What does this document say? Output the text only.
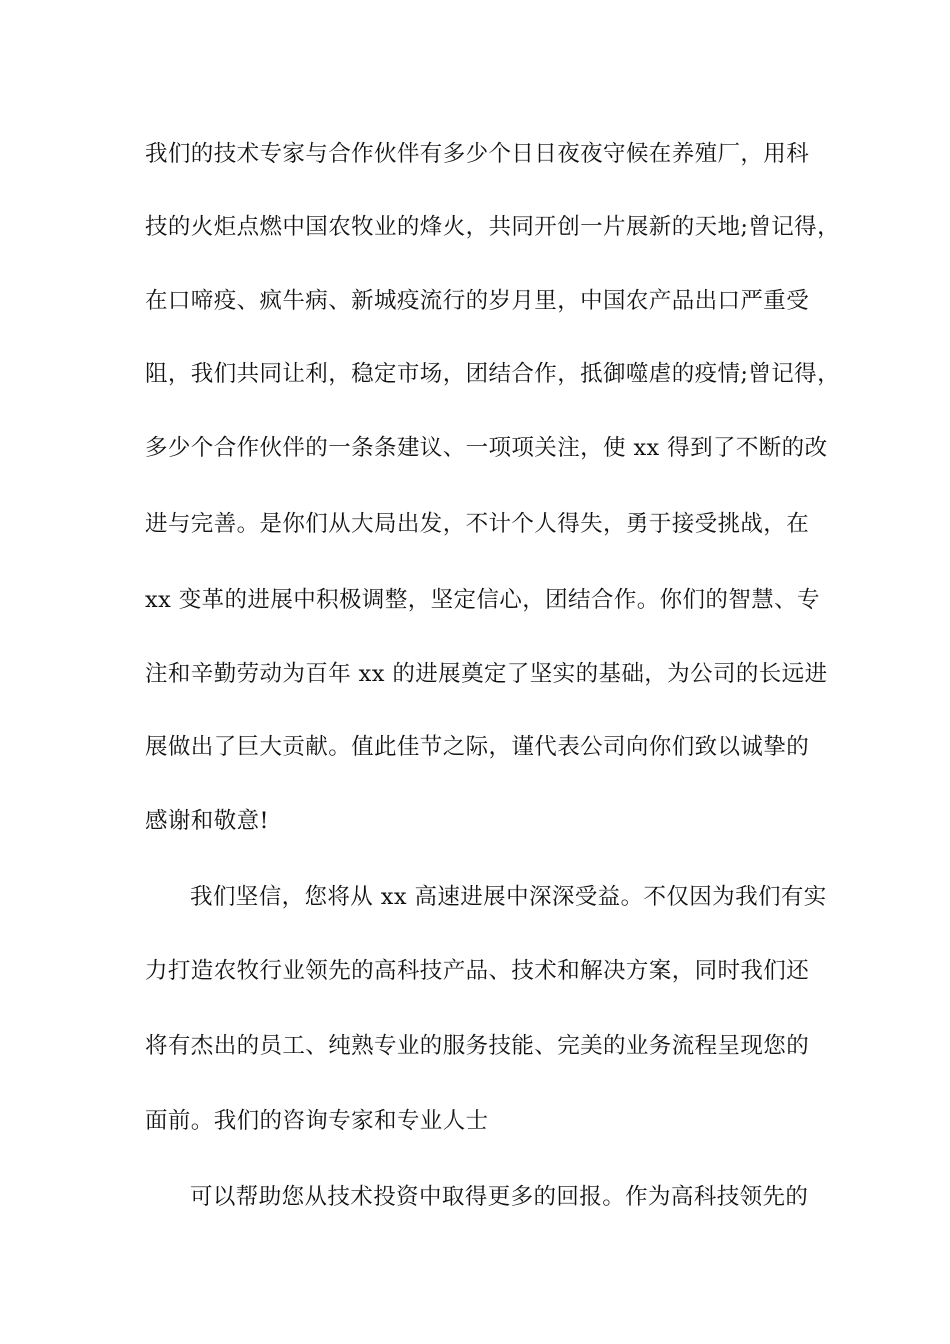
我们的技术专家与合作伙伴有多少个日日夜夜守候在养殖厂，用科
技的火炬点燃中国农牧业的烽火，共同开创一片展新的天地;曾记得，
在口啼疫、疯牛病、新城疫流行的岁月里，中国农产品出口严重受
阻，我们共同让利，稳定市场，团结合作，抵御噬虐的疫情;曾记得，
多少个合作伙伴的一条条建议、一项项关注，使 xx 得到了不断的改
进与完善。是你们从大局出发，不计个人得失，勇于接受挑战，在
xx 变革的进展中积极调整，坚定信心，团结合作。你们的智慧、专
注和辛勤劳动为百年 xx 的进展奠定了坚实的基础，为公司的长远进
展做出了巨大贡献。值此佳节之际，谨代表公司向你们致以诚挚的
感谢和敬意!
我们坚信，您将从 xx 高速进展中深深受益。不仅因为我们有实
力打造农牧行业领先的高科技产品、技术和解决方案，同时我们还
将有杰出的员工、纯熟专业的服务技能、完美的业务流程呈现您的
面前。我们的咨询专家和专业人士
可以帮助您从技术投资中取得更多的回报。作为高科技领先的
